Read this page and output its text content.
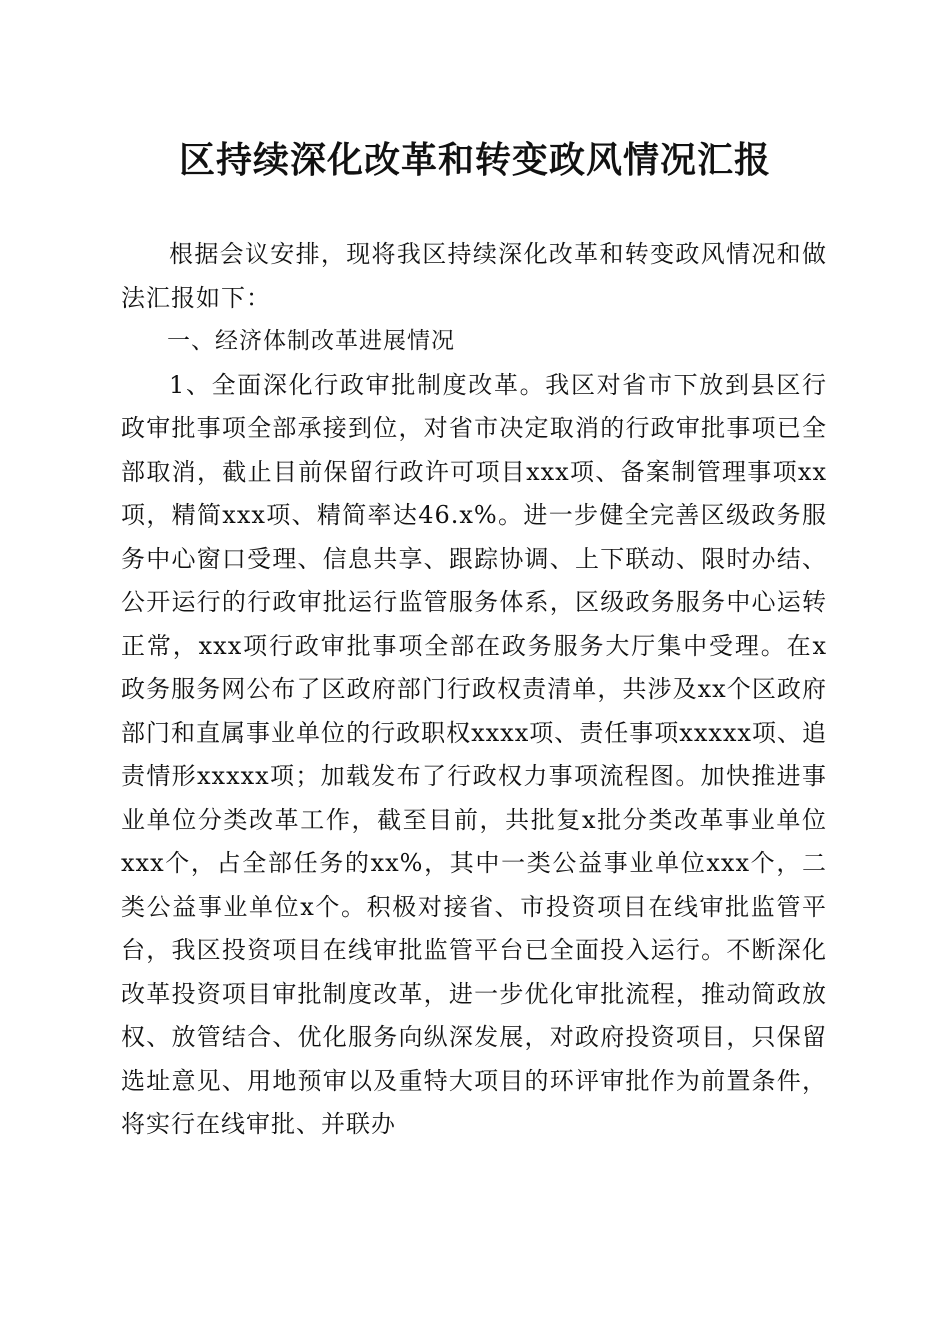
区持续深化改革和转变政风情况汇报

根据会议安排，现将我区持续深化改革和转变政风情况和做法汇报如下：

一、经济体制改革进展情况

1、全面深化行政审批制度改革。我区对省市下放到县区行政审批事项全部承接到位，对省市决定取消的行政审批事项已全部取消，截止目前保留行政许可项目xxx项、备案制管理事项xx项，精简xxx项、精简率达46.x%。进一步健全完善区级政务服务中心窗口受理、信息共享、跟踪协调、上下联动、限时办结、公开运行的行政审批运行监管服务体系，区级政务服务中心运转正常，xxx项行政审批事项全部在政务服务大厅集中受理。在x政务服务网公布了区政府部门行政权责清单，共涉及xx个区政府部门和直属事业单位的行政职权xxxx项、责任事项xxxxx项、追责情形xxxxx项；加载发布了行政权力事项流程图。加快推进事业单位分类改革工作，截至目前，共批复x批分类改革事业单位xxx个，占全部任务的xx%，其中一类公益事业单位xxx个，二类公益事业单位x个。积极对接省、市投资项目在线审批监管平台，我区投资项目在线审批监管平台已全面投入运行。不断深化改革投资项目审批制度改革，进一步优化审批流程，推动简政放权、放管结合、优化服务向纵深发展，对政府投资项目，只保留选址意见、用地预审以及重特大项目的环评审批作为前置条件，将实行在线审批、并联办
